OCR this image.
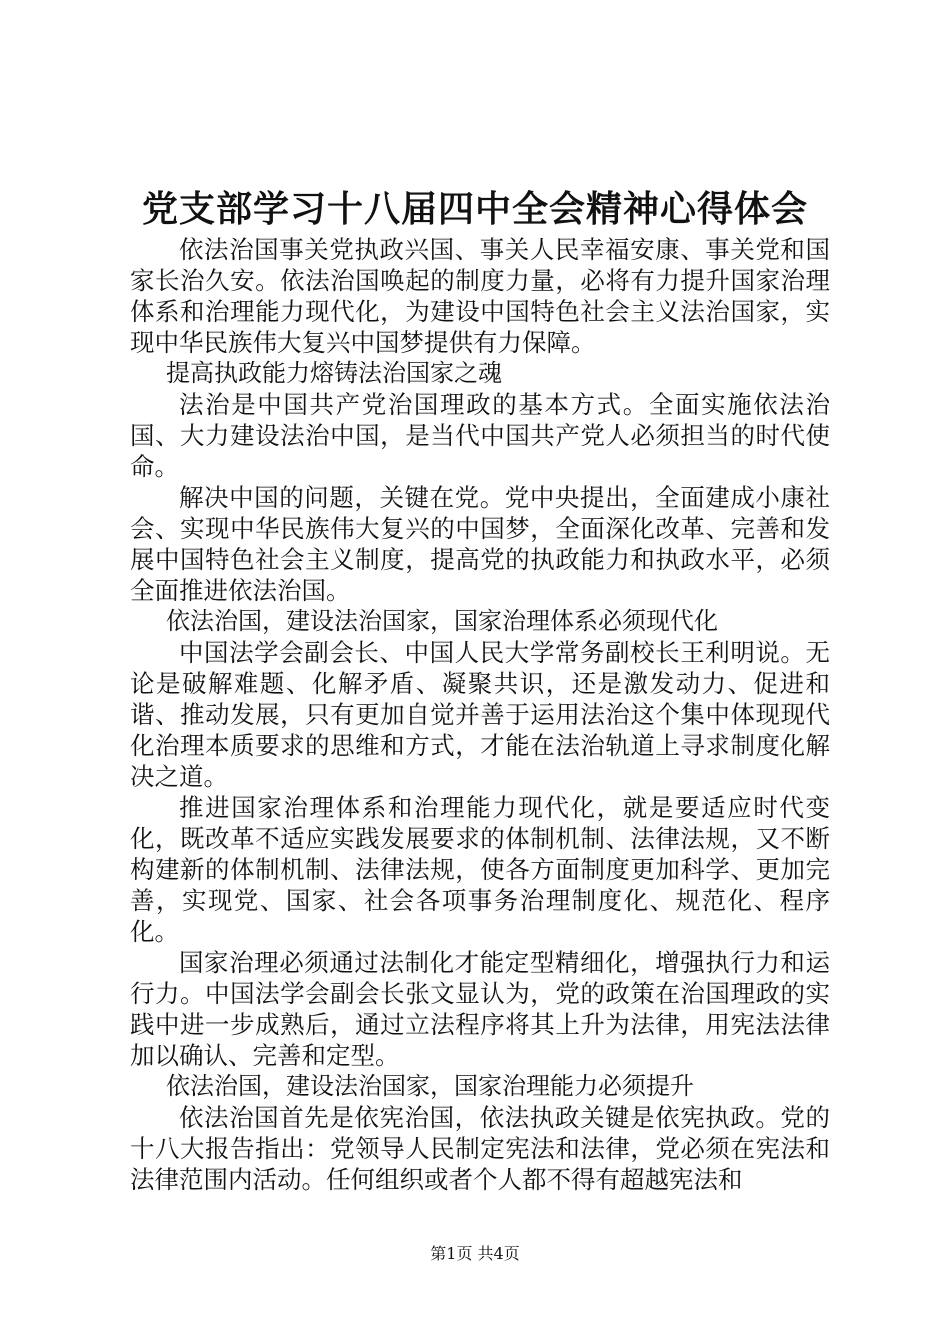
党支部学习十八届四中全会精神心得体会

依法治国事关党执政兴国、事关人民幸福安康、事关党和国家长治久安。依法治国唤起的制度力量，必将有力提升国家治理体系和治理能力现代化，为建设中国特色社会主义法治国家，实现中华民族伟大复兴中国梦提供有力保障。

提高执政能力熔铸法治国家之魂

法治是中国共产党治国理政的基本方式。全面实施依法治国、大力建设法治中国，是当代中国共产党人必须担当的时代使命。

解决中国的问题，关键在党。党中央提出，全面建成小康社会、实现中华民族伟大复兴的中国梦，全面深化改革、完善和发展中国特色社会主义制度，提高党的执政能力和执政水平，必须全面推进依法治国。

依法治国，建设法治国家，国家治理体系必须现代化

中国法学会副会长、中国人民大学常务副校长王利明说。无论是破解难题、化解矛盾、凝聚共识，还是激发动力、促进和谐、推动发展，只有更加自觉并善于运用法治这个集中体现现代化治理本质要求的思维和方式，才能在法治轨道上寻求制度化解决之道。

推进国家治理体系和治理能力现代化，就是要适应时代变化，既改革不适应实践发展要求的体制机制、法律法规，又不断构建新的体制机制、法律法规，使各方面制度更加科学、更加完善，实现党、国家、社会各项事务治理制度化、规范化、程序化。

国家治理必须通过法制化才能定型精细化，增强执行力和运行力。中国法学会副会长张文显认为，党的政策在治国理政的实践中进一步成熟后，通过立法程序将其上升为法律，用宪法法律加以确认、完善和定型。

依法治国，建设法治国家，国家治理能力必须提升

依法治国首先是依宪治国，依法执政关键是依宪执政。党的十八大报告指出：党领导人民制定宪法和法律，党必须在宪法和法律范围内活动。任何组织或者个人都不得有超越宪法和

第1页 共4页
